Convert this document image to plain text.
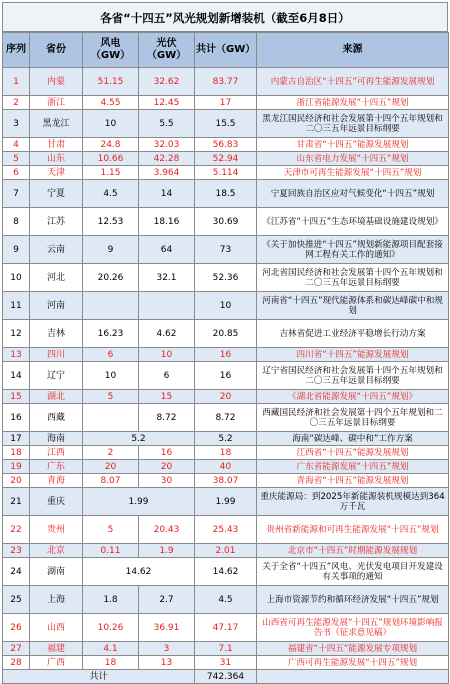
各省“十四五”风光规划新增装机（截至6月8日）
序列	省份	风电（GW）	光伏（GW）	共计（GW）	来源
1	内蒙	51.15	32.62	83.77	内蒙古自治区“十四五”可再生能源发展规划
2	浙江	4.55	12.45	17	浙江省能源发展“十四五”规划
3	黑龙江	10	5.5	15.5	黑龙江国民经济和社会发展第十四个五年规划和二〇三五年远景目标纲要
4	甘肃	24.8	32.03	56.83	甘肃省“十四五”能源发展规划
5	山东	10.66	42.28	52.94	山东省电力发展“十四五”规划
6	天津	1.15	3.964	5.114	天津市可再生能源发展“十四五”规划
7	宁夏	4.5	14	18.5	宁夏回族自治区应对气候变化“十四五”规划
8	江苏	12.53	18.16	30.69	《江苏省“十四五”生态环境基础设施建设规划》
9	云南	9	64	73	《关于加快推进“十四五”规划新能源项目配套接网工程有关工作的通知》
10	河北	20.26	32.1	52.36	河北省国民经济和社会发展第十四个五年规划和二〇三五年远景目标纲要
11	河南			10	河南省“十四五”现代能源体系和碳达峰碳中和规划
12	吉林	16.23	4.62	20.85	吉林省促进工业经济平稳增长行动方案
13	四川	6	10	16	四川省“十四五”能源发展规划
14	辽宁	10	6	16	辽宁省国民经济和社会发展第十四个五年规划和二〇三五年远景目标纲要
15	湖北	5	15	20	《湖北省能源发展“十四五”规划》
16	西藏		8.72	8.72	西藏国民经济和社会发展第十四个五年规划和二〇三五年远景目标纲要
17	海南	5.2		5.2	海南“碳达峰、碳中和”工作方案
18	江西	2	16	18	江西省“十四五”能源发展规划
19	广东	20	20	40	广东省能源发展“十四五”规划
20	青海	8.07	30	38.07	青海省“十四五”能源发展规划
21	重庆	1.99		1.99	重庆能源局：到2025年新能源装机规模达到364万千瓦
22	贵州	5	20.43	25.43	贵州省新能源和可再生能源发展“十四五”规划
23	北京	0.11	1.9	2.01	北京市“十四五”时期能源发展规划
24	湖南	14.62		14.62	关于全省“十四五”风电、光伏发电项目开发建设有关事项的通知
25	上海	1.8	2.7	4.5	上海市资源节约和循环经济发展“十四五”规划
26	山西	10.26	36.91	47.17	山西省可再生能源发展“十四五”规划环境影响报告书（征求意见稿）
27	福建	4.1	3	7.1	福建省“十四五”能源发展专项规划
28	广西	18	13	31	广西可再生能源发展“十四五”规划
共计				742.364	
